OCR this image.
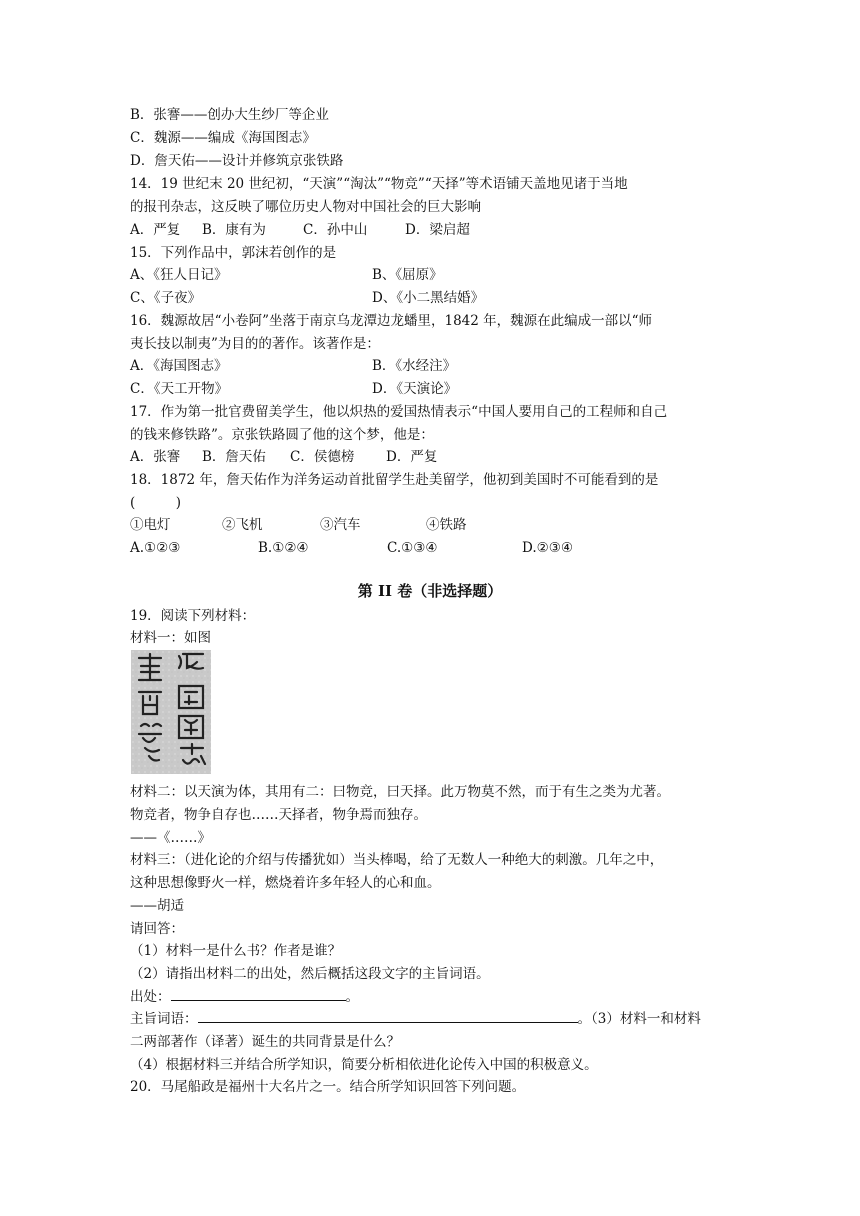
B．张謇——创办大生纱厂等企业
C．魏源——编成《海国图志》
D．詹天佑——设计并修筑京张铁路
14．19 世纪末 20 世纪初，“天演”“淘汰”“物竞”“天择”等术语铺天盖地见诸于当地
的报刊杂志，这反映了哪位历史人物对中国社会的巨大影响
A．严复 B．康有为	C．孙中山	D．梁启超
15．下列作品中，郭沫若创作的是
A、《狂人日记》	B、《屈原》
C、《子夜》	D、《小二黑结婚》
16．魏源故居“小卷阿”坐落于南京乌龙潭边龙蟠里，1842 年，魏源在此编成一部以“师
夷长技以制夷”为目的的著作。该著作是：
A．《海国图志》	B．《水经注》
C．《天工开物》	D．《天演论》
17．作为第一批官费留美学生，他以炽热的爱国热情表示“中国人要用自己的工程师和自己
的钱来修铁路”。京张铁路圆了他的这个梦，他是：
A．张謇 B．詹天佑 C．侯德榜 D．严复
18．1872 年，詹天佑作为洋务运动首批留学生赴美留学，他初到美国时不可能看到的是
(　　　)
①电灯	②飞机	③汽车	④铁路
A.①②③	B.①②④	C.①③④	D.②③④
第 II 卷（非选择题）
19．阅读下列材料：
材料一：如图
材料二：以天演为体，其用有二：曰物竞，曰天择。此万物莫不然，而于有生之类为尤著。
物竞者，物争自存也……天择者，物争焉而独存。
——《……》
材料三：（进化论的介绍与传播犹如）当头棒喝，给了无数人一种绝大的刺激。几年之中，
这种思想像野火一样，燃烧着许多年轻人的心和血。
——胡适
请回答：
（1）材料一是什么书？作者是谁？
（2）请指出材料二的出处，然后概括这段文字的主旨词语。
出处：	。
主旨词语：	。（3）材料一和材料
二两部著作（译著）诞生的共同背景是什么？
（4）根据材料三并结合所学知识，简要分析相依进化论传入中国的积极意义。
20．马尾船政是福州十大名片之一。结合所学知识回答下列问题。
